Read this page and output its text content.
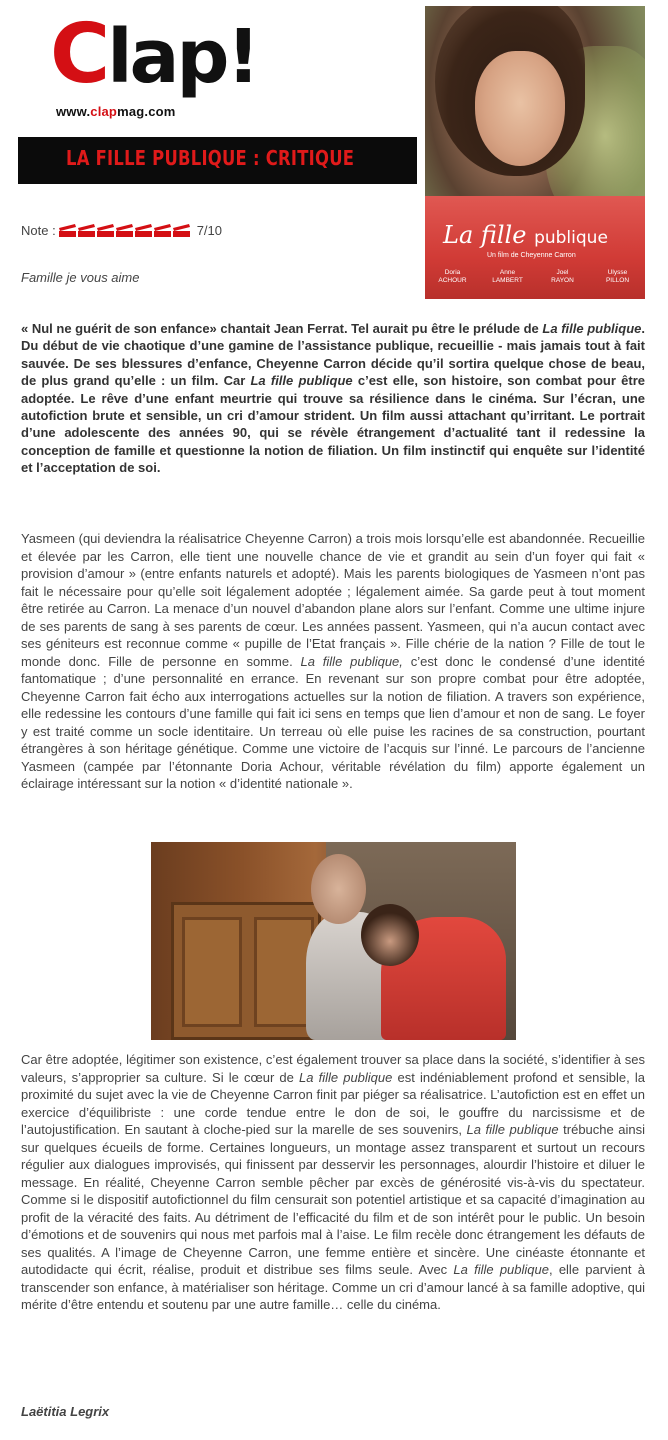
Clap!
www.clapmag.com
LA FILLE PUBLIQUE : CRITIQUE
Note :	7/10
Famille je vous aime
La fille publique
Un film de Cheyenne Carron
Doria
ACHOUR
Anne
LAMBERT
Joel
RAYON
Ulysse
PILLON

« Nul ne guérit de son enfance» chantait Jean Ferrat. Tel aurait pu être le prélude de La fille publique. Du début de vie chaotique d’une gamine de l’assistance publique, recueillie - mais jamais tout à fait sauvée. De ses blessures d’enfance, Cheyenne Carron décide qu’il sortira quelque chose de beau, de plus grand qu’elle : un film. Car La fille publique c’est elle, son histoire, son combat pour être adoptée. Le rêve d’une enfant meurtrie qui trouve sa résilience dans le cinéma. Sur l’écran, une autofiction brute et sensible, un cri d’amour strident. Un film aussi attachant qu’irritant. Le portrait d’une adolescente des années 90, qui se révèle étrangement d’actualité tant il redessine la conception de famille et questionne la notion de filiation. Un film instinctif qui enquête sur l’identité et l’acceptation de soi.

Yasmeen (qui deviendra la réalisatrice Cheyenne Carron) a trois mois lorsqu’elle est abandonnée. Recueillie et élevée par les Carron, elle tient une nouvelle chance de vie et grandit au sein d’un foyer qui fait « provision d’amour » (entre enfants naturels et adopté). Mais les parents biologiques de Yasmeen n’ont pas fait le nécessaire pour qu’elle soit légalement adoptée ; légalement aimée. Sa garde peut à tout moment être retirée au Carron. La menace d’un nouvel d’abandon plane alors sur l’enfant. Comme une ultime injure de ses parents de sang à ses parents de cœur. Les années passent. Yasmeen, qui n’a aucun contact avec ses géniteurs est reconnue comme « pupille de l’Etat français ». Fille chérie de la nation ? Fille de tout le monde donc. Fille de personne en somme. La fille publique, c’est donc le condensé d’une identité fantomatique ; d’une personnalité en errance. En revenant sur son propre combat pour être adoptée, Cheyenne Carron fait écho aux interrogations actuelles sur la notion de filiation. A travers son expérience, elle redessine les contours d’une famille qui fait ici sens en temps que lien d’amour et non de sang. Le foyer y est traité comme un socle identitaire. Un terreau où elle puise les racines de sa construction, pourtant étrangères à son héritage génétique. Comme une victoire de l’acquis sur l’inné. Le parcours de l’ancienne Yasmeen (campée par l’étonnante Doria Achour, véritable révélation du film) apporte également un éclairage intéressant sur la notion « d’identité nationale ».

Car être adoptée, légitimer son existence, c’est également trouver sa place dans la société, s’identifier à ses valeurs, s’approprier sa culture. Si le cœur de La fille publique est indéniablement profond et sensible, la proximité du sujet avec la vie de Cheyenne Carron finit par piéger sa réalisatrice. L’autofiction est en effet un exercice d’équilibriste : une corde tendue entre le don de soi, le gouffre du narcissisme et de l’autojustification. En sautant à cloche-pied sur la marelle de ses souvenirs, La fille publique trébuche ainsi sur quelques écueils de forme. Certaines longueurs, un montage assez transparent et surtout un recours régulier aux dialogues improvisés, qui finissent par desservir les personnages, alourdir l’histoire et diluer le message. En réalité, Cheyenne Carron semble pêcher par excès de générosité vis-à-vis du spectateur. Comme si le dispositif autofictionnel du film censurait son potentiel artistique et sa capacité d’imagination au profit de la véracité des faits. Au détriment de l’efficacité du film et de son intérêt pour le public. Un besoin d’émotions et de souvenirs qui nous met parfois mal à l’aise. Le film recèle donc étrangement les défauts de ses qualités. A l’image de Cheyenne Carron, une femme entière et sincère. Une cinéaste étonnante et autodidacte qui écrit, réalise, produit et distribue ses films seule. Avec La fille publique, elle parvient à transcender son enfance, à matérialiser son héritage. Comme un cri d’amour lancé à sa famille adoptive, qui mérite d’être entendu et soutenu par une autre famille… celle du cinéma.

Laëtitia Legrix
